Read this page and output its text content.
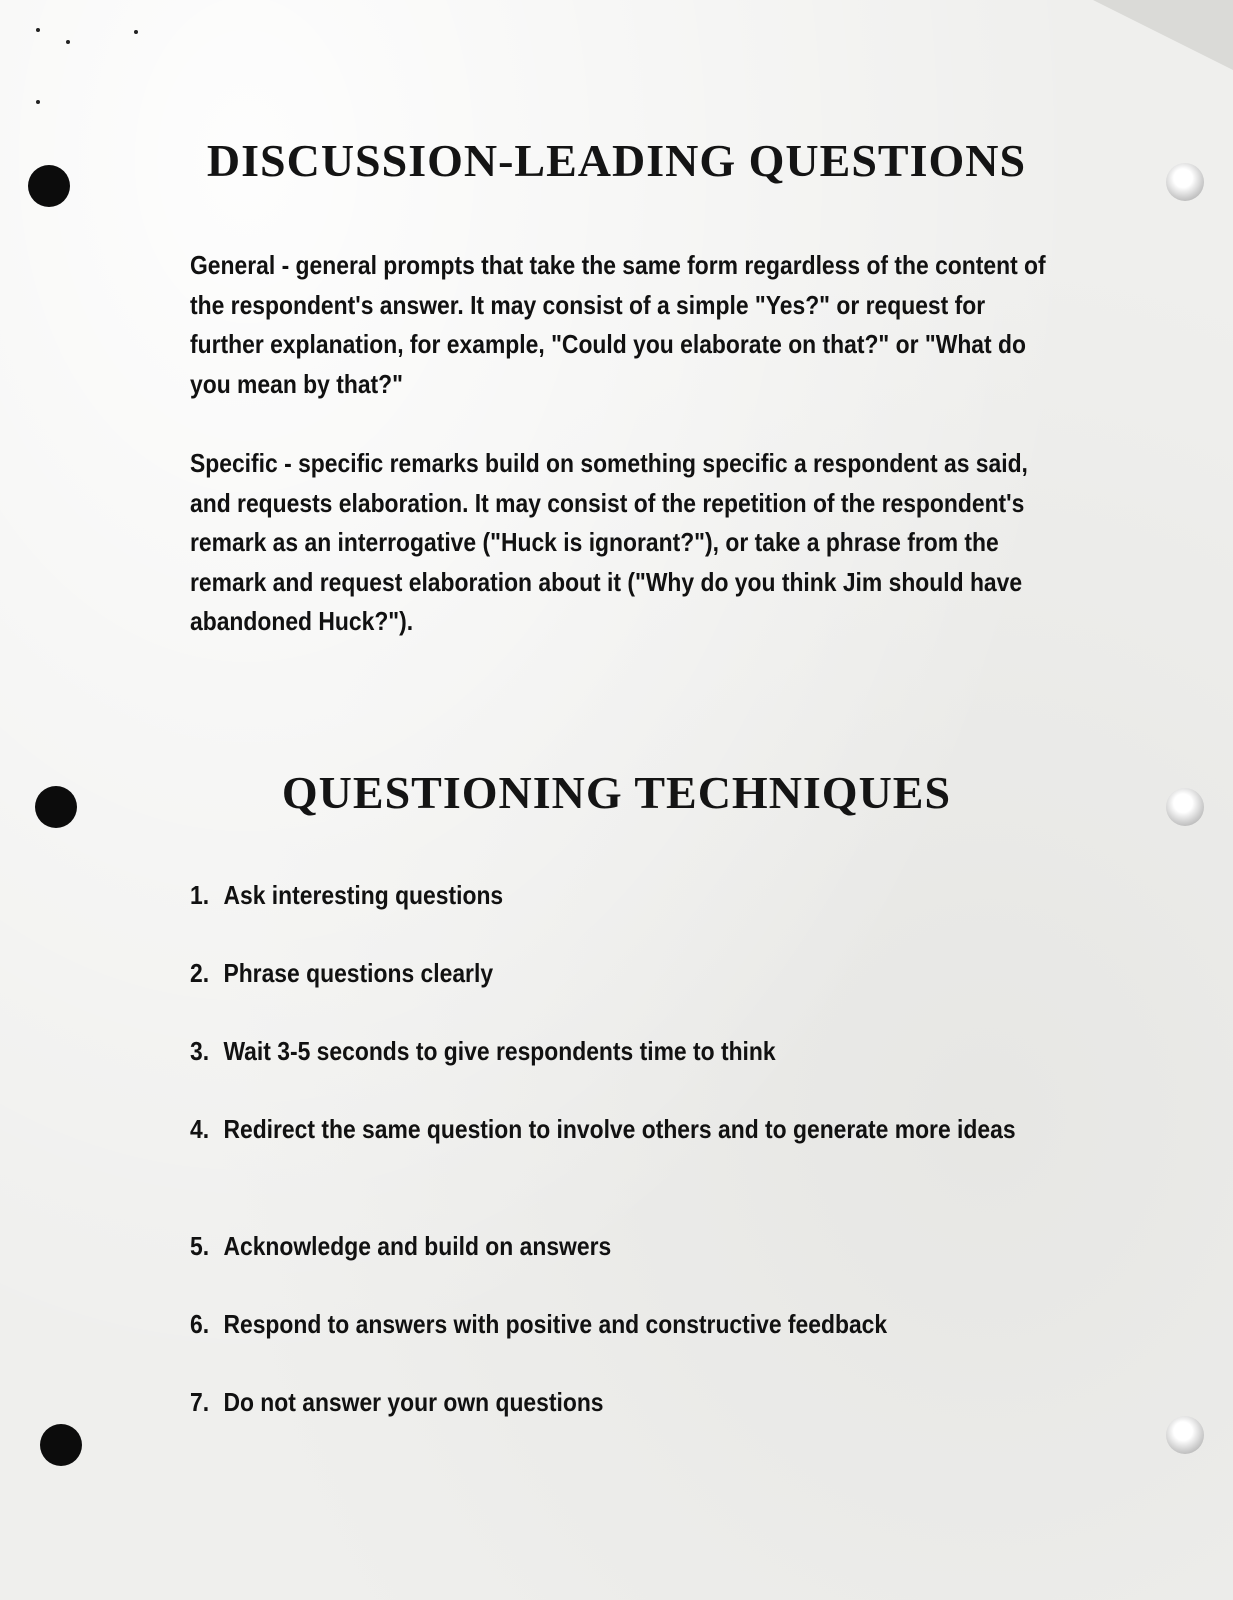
DISCUSSION-LEADING QUESTIONS

General - general prompts that take the same form regardless of the content of the respondent's answer. It may consist of a simple "Yes?" or request for further explanation, for example, "Could you elaborate on that?" or "What do you mean by that?"

Specific - specific remarks build on something specific a respondent as said, and requests elaboration. It may consist of the repetition of the respondent's remark as an interrogative ("Huck is ignorant?"), or take a phrase from the remark and request elaboration about it ("Why do you think Jim should have abandoned Huck?").

QUESTIONING TECHNIQUES
1. Ask interesting questions
2. Phrase questions clearly
3. Wait 3-5 seconds to give respondents time to think
4. Redirect the same question to involve others and to generate more ideas
5. Acknowledge and build on answers
6. Respond to answers with positive and constructive feedback
7. Do not answer your own questions
